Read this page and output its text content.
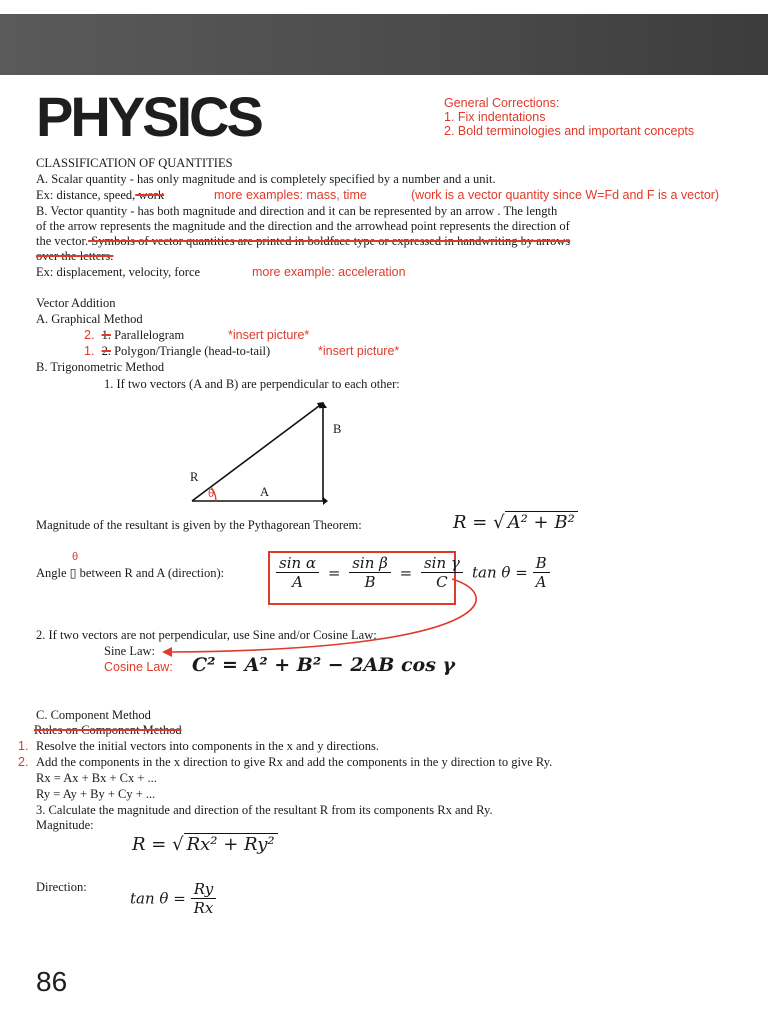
PHYSICS	General Corrections:
1. Fix indentations
2. Bold terminologies and important concepts
CLASSIFICATION OF QUANTITIES
A. Scalar quantity - has only magnitude and is completely specified by a number and a unit.
Ex: distance, speed, work	more examples: mass, time	(work is a vector quantity since W=Fd and F is a vector)
B. Vector quantity - has both magnitude and direction and it can be represented by an arrow . The length
of the arrow represents the magnitude and the direction and the arrowhead point represents the direction of
the vector. Symbols of vector quantities are printed in boldface type or expressed in handwriting by arrows
over the letters.
Ex: displacement, velocity, force	more example: acceleration
Vector Addition
A. Graphical Method
2. 1. Parallelogram	*insert picture*
1. 2. Polygon/Triangle (head-to-tail)	*insert picture*
B. Trigonometric Method
1. If two vectors (A and B) are perpendicular to each other:
B
R
A
θ
Magnitude of the resultant is given by the Pythagorean Theorem:	R = √ A² + B²
θ
Angle ▯ between R and A (direction):	$\frac{\text{sin α}}{A} = \frac{\text{sin β}}{B} = \frac{\text{sin γ}}{C}$ $\tan \theta = \frac{B}{A}$
2. If two vectors are not perpendicular, use Sine and/or Cosine Law:
Sine Law:
Cosine Law: C² = A² + B² − 2AB cos γ
C. Component Method
Rules on Component Method
1. Resolve the initial vectors into components in the x and y directions.
2. Add the components in the x direction to give Rx and add the components in the y direction to give Ry.
Rx = Ax + Bx + Cx + ...
Ry = Ay + By + Cy + ...
3. Calculate the magnitude and direction of the resultant R from its components Rx and Ry.
Magnitude:
R = √ Rx² + Ry²
Direction:
$\tan \theta = \frac{Ry}{Rx}$
86
